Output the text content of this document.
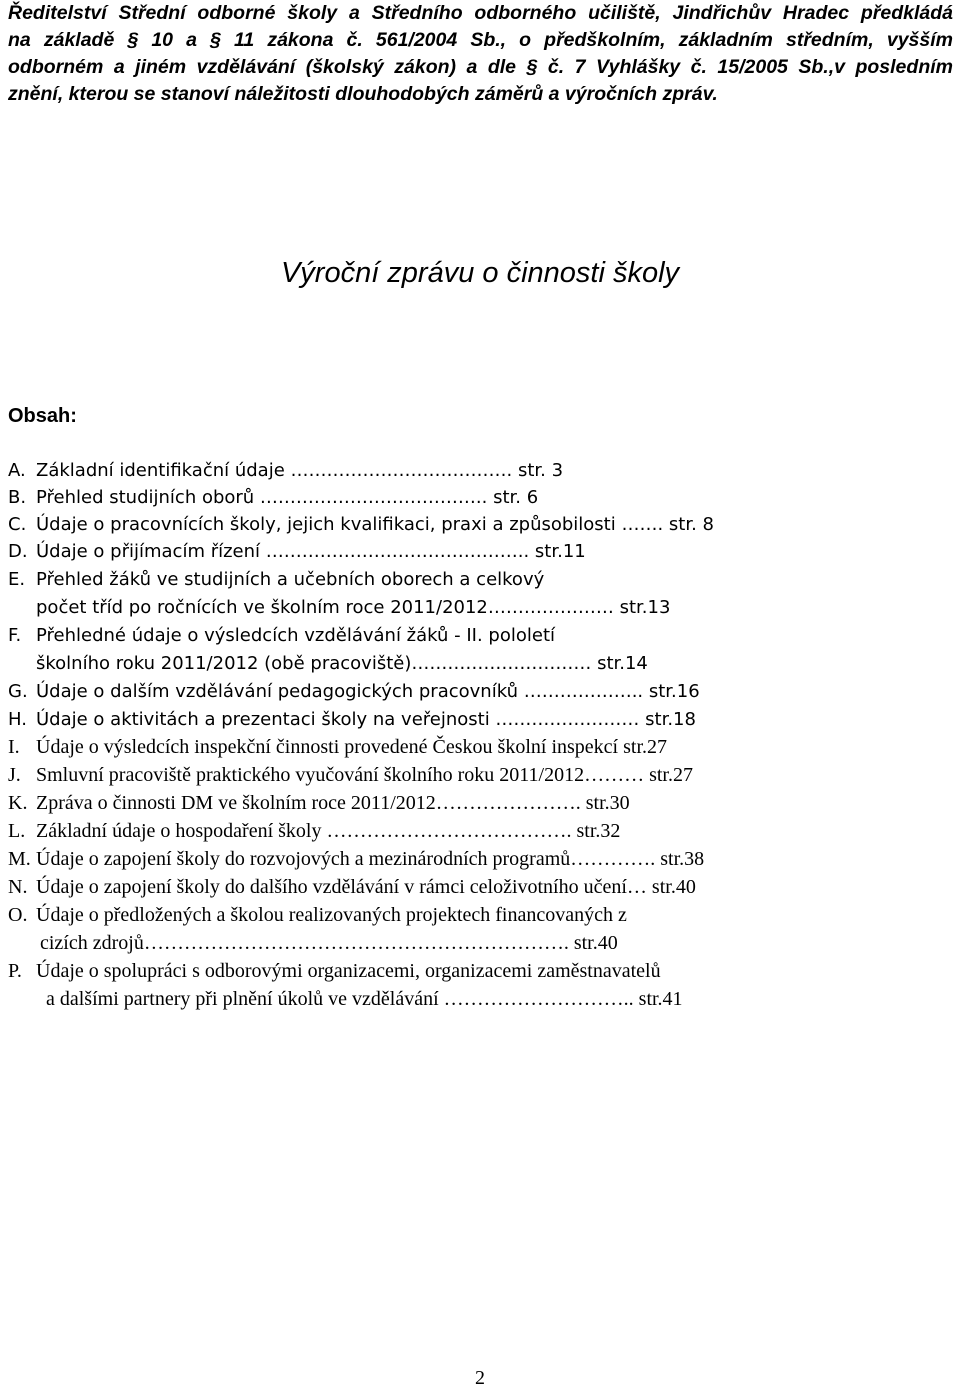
Ředitelství Střední odborné školy a Středního odborného učiliště, Jindřichův Hradec předkládá
na základě § 10 a § 11 zákona č. 561/2004 Sb., o předškolním, základním středním, vyšším
odborném a jiném vzdělávání (školský zákon) a dle § č. 7 Vyhlášky č. 15/2005 Sb.,v posledním
znění, kterou se stanoví náležitosti dlouhodobých záměrů a výročních zpráv.
Výroční zprávu o činnosti školy
Obsah:
A. Základní identifikační údaje ………………………………. str. 3
B. Přehled studijních oborů ……………………………….. str. 6
C. Údaje o pracovnících školy, jejich kvalifikaci, praxi a způsobilosti ……. str. 8
D. Údaje o přijímacím řízení …………………………………….. str.11
E. Přehled žáků ve studijních a učebních oborech a celkový
počet tříd po ročnících ve školním roce 2011/2012………………… str.13
F. Přehledné údaje o výsledcích vzdělávání žáků - II. pololetí
školního roku 2011/2012 (obě pracoviště)………………………… str.14
G. Údaje o dalším vzdělávání pedagogických pracovníků ……………….. str.16
H. Údaje o aktivitách a prezentaci školy na veřejnosti …………………… str.18
I. Údaje o výsledcích inspekční činnosti provedené Českou školní inspekcí str.27
J. Smluvní pracoviště praktického vyučování školního roku 2011/2012……… str.27
K. Zpráva o činnosti DM ve školním roce 2011/2012…………………. str.30
L. Základní údaje o hospodaření školy ………………………………. str.32
M. Údaje o zapojení školy do rozvojových a mezinárodních programů…………. str.38
N. Údaje o zapojení školy do dalšího vzdělávání v rámci celoživotního učení… str.40
O. Údaje o předložených a školou realizovaných projektech financovaných z
cizích zdrojů………………………………………………………. str.40
P. Údaje o spolupráci s odborovými organizacemi, organizacemi zaměstnavatelů
a dalšími partnery při plnění úkolů ve vzdělávání ……………………….. str.41
2
